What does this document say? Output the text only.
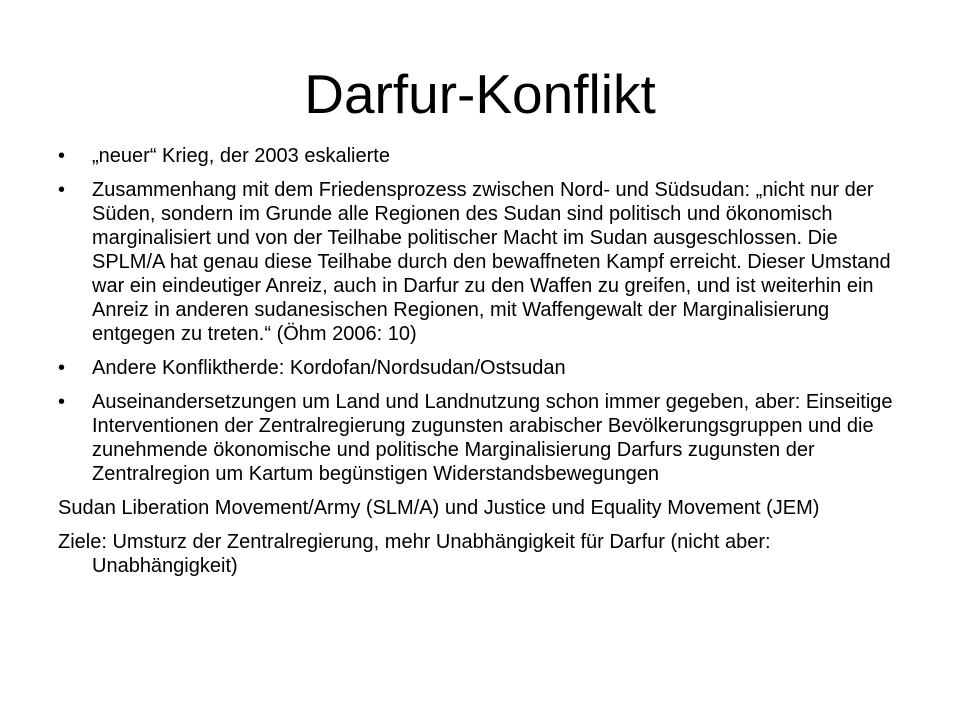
Darfur-Konflikt
•	„neuer“ Krieg, der 2003 eskalierte
•	Zusammenhang mit dem Friedensprozess zwischen Nord- und Südsudan: „nicht nur der Süden, sondern im Grunde alle Regionen des Sudan sind politisch und ökonomisch marginalisiert und von der Teilhabe politischer Macht im Sudan ausgeschlossen. Die SPLM/A hat genau diese Teilhabe durch den bewaffneten Kampf erreicht. Dieser Umstand war ein eindeutiger Anreiz, auch in Darfur zu den Waffen zu greifen, und ist weiterhin ein Anreiz in anderen sudanesischen Regionen, mit Waffengewalt der Marginalisierung entgegen zu treten.“ (Öhm 2006: 10)
•	Andere Konfliktherde: Kordofan/Nordsudan/Ostsudan
•	Auseinandersetzungen um Land und Landnutzung schon immer gegeben, aber: Einseitige Interventionen der Zentralregierung zugunsten arabischer Bevölkerungsgruppen und die zunehmende ökonomische und politische Marginalisierung Darfurs zugunsten der Zentralregion um Kartum begünstigen Widerstandsbewegungen

Sudan Liberation Movement/Army (SLM/A) und Justice und Equality Movement (JEM)

Ziele: Umsturz der Zentralregierung, mehr Unabhängigkeit für Darfur (nicht aber: Unabhängigkeit)
